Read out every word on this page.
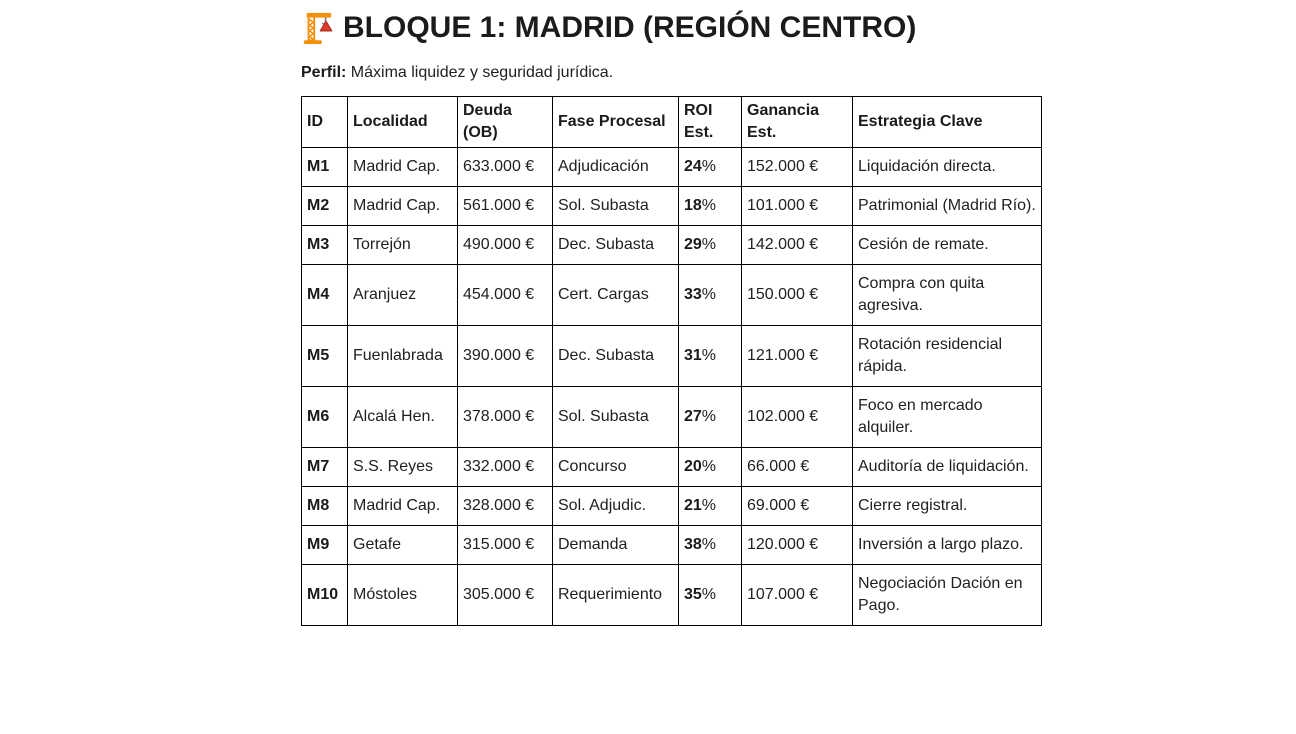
BLOQUE 1: MADRID (REGIÓN CENTRO)

Perfil: Máxima liquidez y seguridad jurídica.

ID	Localidad	Deuda (OB)	Fase Procesal	ROI Est.	Ganancia Est.	Estrategia Clave
M1	Madrid Cap.	633.000 €	Adjudicación	24%	152.000 €	Liquidación directa.
M2	Madrid Cap.	561.000 €	Sol. Subasta	18%	101.000 €	Patrimonial (Madrid Río).
M3	Torrejón	490.000 €	Dec. Subasta	29%	142.000 €	Cesión de remate.
M4	Aranjuez	454.000 €	Cert. Cargas	33%	150.000 €	Compra con quita agresiva.
M5	Fuenlabrada	390.000 €	Dec. Subasta	31%	121.000 €	Rotación residencial rápida.
M6	Alcalá Hen.	378.000 €	Sol. Subasta	27%	102.000 €	Foco en mercado alquiler.
M7	S.S. Reyes	332.000 €	Concurso	20%	66.000 €	Auditoría de liquidación.
M8	Madrid Cap.	328.000 €	Sol. Adjudic.	21%	69.000 €	Cierre registral.
M9	Getafe	315.000 €	Demanda	38%	120.000 €	Inversión a largo plazo.
M10	Móstoles	305.000 €	Requerimiento	35%	107.000 €	Negociación Dación en Pago.
